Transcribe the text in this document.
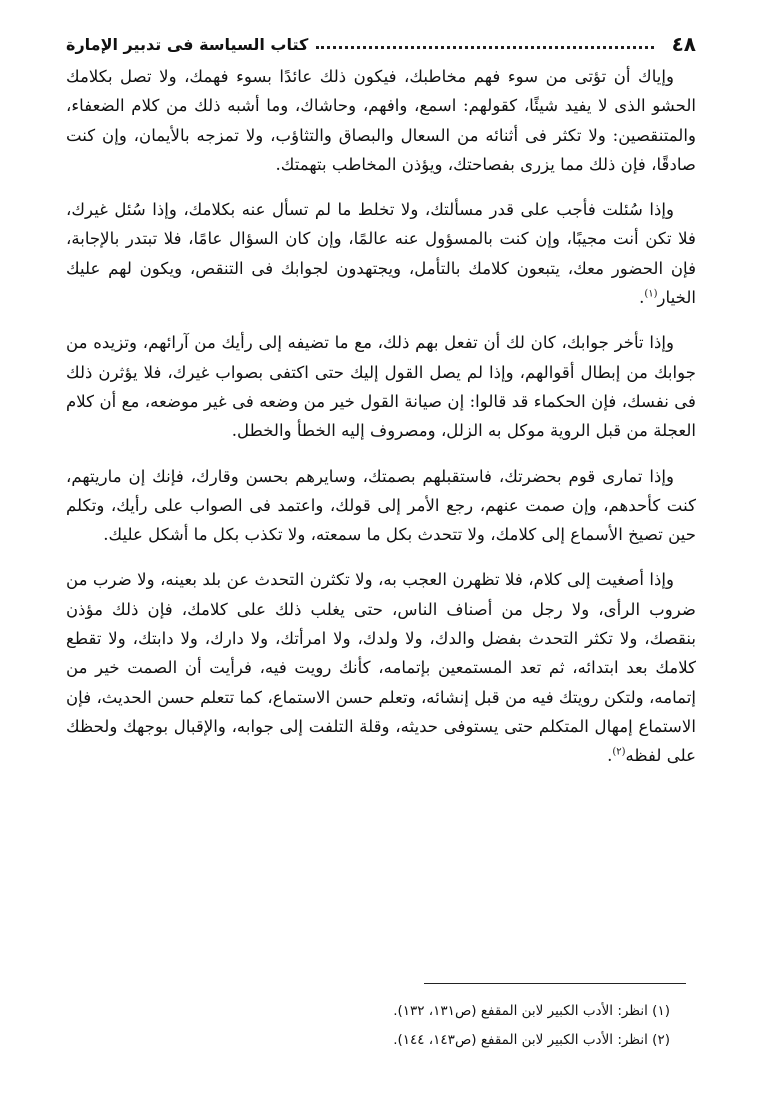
٤٨
كتاب السياسة فى تدبير الإمارة

وإياك أن تؤتى من سوء فهم مخاطبك، فيكون ذلك عائدًا بسوء فهمك، ولا تصل بكلامك الحشو الذى لا يفيد شيئًا، كقولهم: اسمع، وافهم، وحاشاك، وما أشبه ذلك من كلام الضعفاء، والمتنقصين: ولا تكثر فى أثنائه من السعال والبصاق والتثاؤب، ولا تمزجه بالأيمان، وإن كنت صادقًا، فإن ذلك مما يزرى بفصاحتك، ويؤذن المخاطب بتهمتك.

وإذا سُئلت فأجب على قدر مسألتك، ولا تخلط ما لم تسأل عنه بكلامك، وإذا سُئل غيرك، فلا تكن أنت مجيبًا، وإن كنت بالمسؤول عنه عالمًا، وإن كان السؤال عامًا، فلا تبتدر بالإجابة، فإن الحضور معك، يتبعون كلامك بالتأمل، ويجتهدون لجوابك فى التنقص، ويكون لهم عليك الخيار$^{(١)}$.

وإذا تأخر جوابك، كان لك أن تفعل بهم ذلك، مع ما تضيفه إلى رأيك من آرائهم، وتزيده من جوابك من إبطال أقوالهم، وإذا لم يصل القول إليك حتى اكتفى بصواب غيرك، فلا يؤثرن ذلك فى نفسك، فإن الحكماء قد قالوا: إن صيانة القول خير من وضعه فى غير موضعه، مع أن كلام العجلة من قبل الروية موكل به الزلل، ومصروف إليه الخطأ والخطل.

وإذا تمارى قوم بحضرتك، فاستقبلهم بصمتك، وسايرهم بحسن وقارك، فإنك إن ماريتهم، كنت كأحدهم، وإن صمت عنهم، رجع الأمر إلى قولك، واعتمد فى الصواب على رأيك، وتكلم حين تصيخ الأسماع إلى كلامك، ولا تتحدث بكل ما سمعته، ولا تكذب بكل ما أشكل عليك.

وإذا أصغيت إلى كلام، فلا تظهرن العجب به، ولا تكثرن التحدث عن بلد بعينه، ولا ضرب من ضروب الرأى، ولا رجل من أصناف الناس، حتى يغلب ذلك على كلامك، فإن ذلك مؤذن بنقصك، ولا تكثر التحدث بفضل والدك، ولا ولدك، ولا امرأتك، ولا دارك، ولا دابتك، ولا تقطع كلامك بعد ابتدائه، ثم تعد المستمعين بإتمامه، كأنك رويت فيه، فرأيت أن الصمت خير من إتمامه، ولتكن رويتك فيه من قبل إنشائه، وتعلم حسن الاستماع، كما تتعلم حسن الحديث، فإن الاستماع إمهال المتكلم حتى يستوفى حديثه، وقلة التلفت إلى جوابه، والإقبال بوجهك ولحظك على لفظه$^{(٢)}$.

(١) انظر: الأدب الكبير لابن المقفع (ص١٣١، ١٣٢).

(٢) انظر: الأدب الكبير لابن المقفع (ص١٤٣، ١٤٤).
